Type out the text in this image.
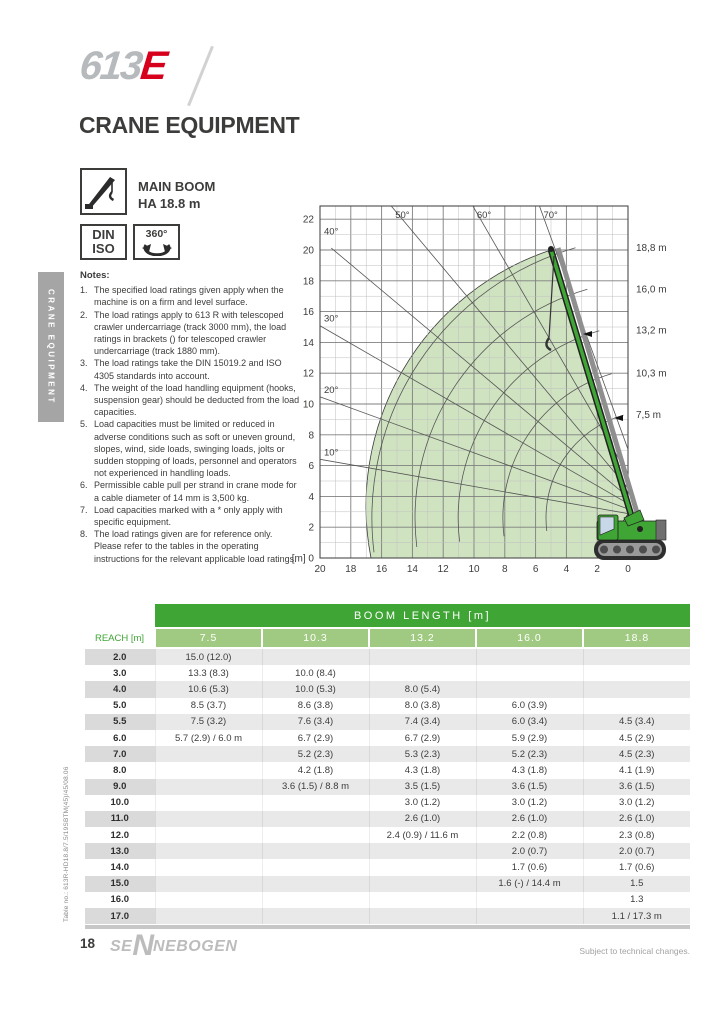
613E
CRANE EQUIPMENT
MAIN BOOM
HA 18.8 m
DIN
ISO
360°
CRANE EQUIPMENT
Notes:
The specified load ratings given apply when the machine is on a firm and level surface.
The load ratings apply to 613 R with telescoped crawler undercarriage (track 3000 mm), the load ratings in brackets () for telescoped crawler undercarriage (track 1880 mm).
The load ratings take the DIN 15019.2 and ISO 4305 standards into account.
The weight of the load handling equipment (hooks, suspension gear) should be deducted from the load capacities.
Load capacities must be limited or reduced in adverse conditions such as soft or uneven ground, slopes, wind, side loads, swinging loads, jolts or sudden stopping of loads, personnel and operators not experienced in handling loads.
Permissible cable pull per strand in crane mode for a cable diameter of 14 mm is 3,500 kg.
Load capacities marked with a * only apply with specific equipment.
The load ratings given are for reference only. Please refer to the tables in the operating instructions for the relevant applicable load ratings.
10°
20°
30°
40°
50°	60°	70°
[m] 0
2
4
6
8
10
12
14
16
18
20
22
20 18 16 14 12 10 8	6	4	2	0
7,5 m
10,3 m
13,2 m
16,0 m
18,8 m
Table no.: 613R-HD18.8/7.5/19SBTM(45)/45/08.06
	BOOM LENGTH [m]				
REACH [m]	7.5	10.3	13.2	16.0	18.8
2.0	15.0 (12.0)				
3.0	13.3 (8.3)	10.0 (8.4)			
4.0	10.6 (5.3)	10.0 (5.3)	8.0 (5.4)		
5.0	8.5 (3.7)	8.6 (3.8)	8.0 (3.8)	6.0 (3.9)	
5.5	7.5 (3.2)	7.6 (3.4)	7.4 (3.4)	6.0 (3.4)	4.5 (3.4)
6.0	5.7 (2.9) / 6.0 m	6.7 (2.9)	6.7 (2.9)	5.9 (2.9)	4.5 (2.9)
7.0		5.2 (2.3)	5.3 (2.3)	5.2 (2.3)	4.5 (2.3)
8.0		4.2 (1.8)	4.3 (1.8)	4.3 (1.8)	4.1 (1.9)
9.0		3.6 (1.5) / 8.8 m	3.5 (1.5)	3.6 (1.5)	3.6 (1.5)
10.0			3.0 (1.2)	3.0 (1.2)	3.0 (1.2)
11.0			2.6 (1.0)	2.6 (1.0)	2.6 (1.0)
12.0			2.4 (0.9) / 11.6 m	2.2 (0.8)	2.3 (0.8)
13.0				2.0 (0.7)	2.0 (0.7)
14.0				1.7 (0.6)	1.7 (0.6)
15.0				1.6 (-) / 14.4 m	1.5
16.0					1.3
17.0					1.1 / 17.3 m
18 SENNEBOGEN	Subject to technical changes.
